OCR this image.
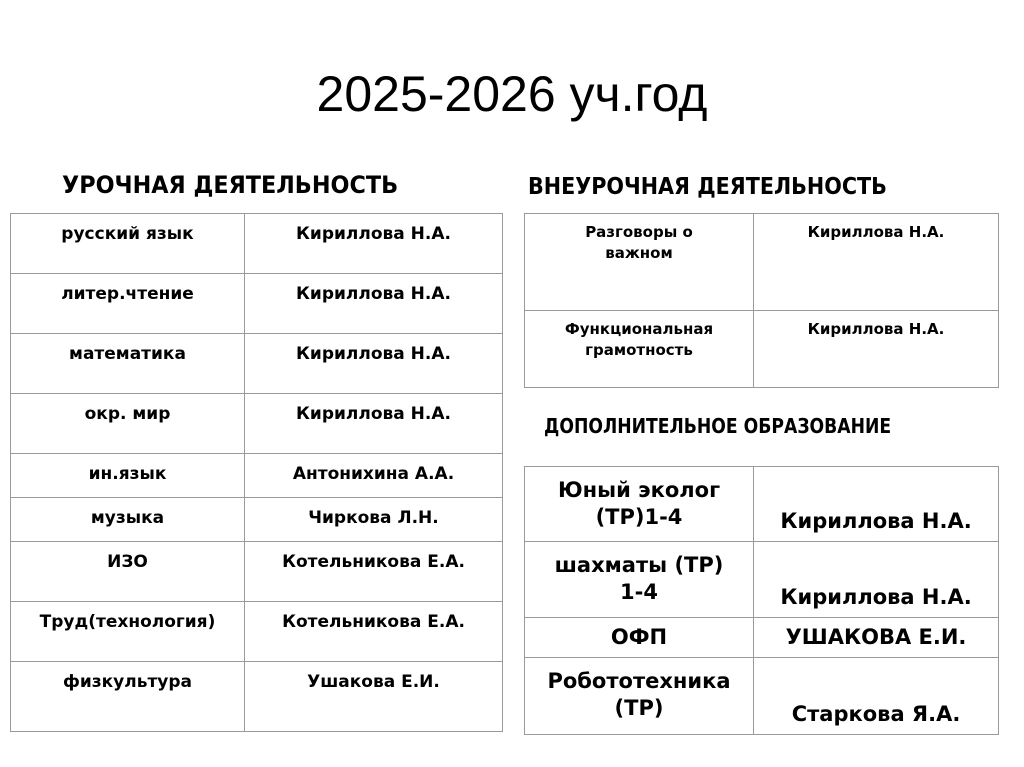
2025-2026 уч.год
УРОЧНАЯ ДЕЯТЕЛЬНОСТЬ	ВНЕУРОЧНАЯ ДЕЯТЕЛЬНОСТЬ
ДОПОЛНИТЕЛЬНОЕ ОБРАЗОВАНИЕ
русский язык	Кириллова Н.А.
литер.чтение	Кириллова Н.А.
математика	Кириллова Н.А.
окр. мир	Кириллова Н.А.
ин.язык	Антонихина А.А.
музыка	Чиркова Л.Н.
ИЗО	Котельникова Е.А.
Труд(технология)	Котельникова Е.А.
физкультура	Ушакова Е.И.
Разговоры о
важном	Кириллова Н.А.
Функциональная
грамотность	Кириллова Н.А.
Юный эколог
(ТР)1-4	Кириллова Н.А.
шахматы (ТР)
1-4	Кириллова Н.А.
ОФП	УШАКОВА Е.И.
Робототехника
(ТР)	Старкова Я.А.
